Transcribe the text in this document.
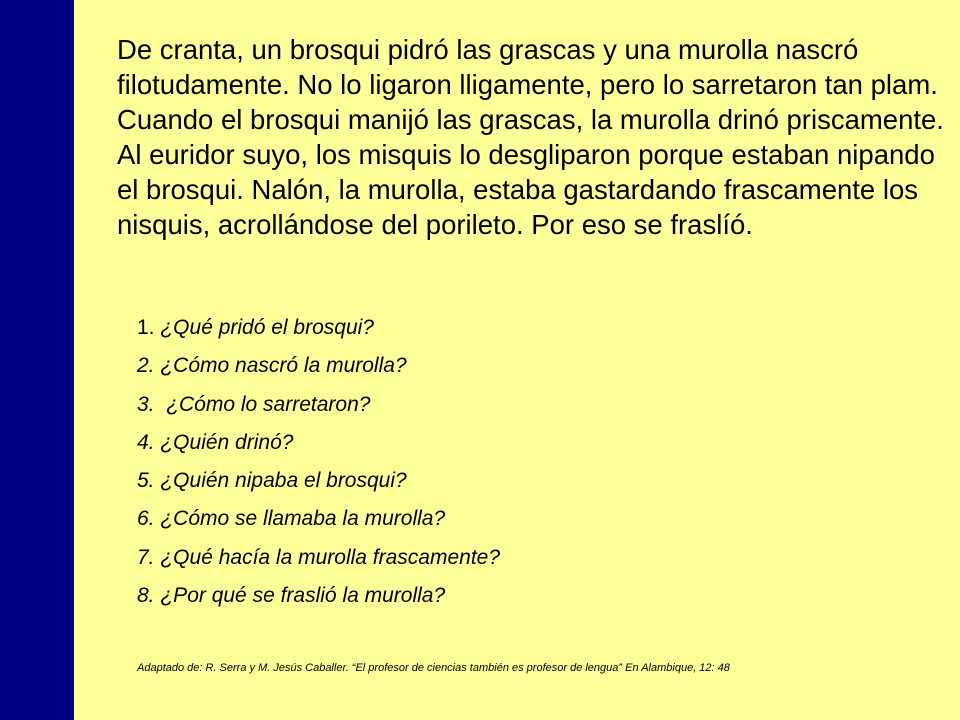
De cranta, un brosqui pidró las grascas y una murolla nascró filotudamente. No lo ligaron lligamente, pero lo sarretaron tan plam. Cuando el brosqui manijó las grascas, la murolla drinó priscamente. Al euridor suyo, los misquis lo desgliparon porque estaban nipando el brosqui. Nalón, la murolla, estaba gastardando frascamente los nisquis, acrollándose del porileto. Por eso se fraslíó.

1. ¿Qué pridó el brosqui?
2. ¿Cómo nascró la murolla?
3.  ¿Cómo lo sarretaron?
4. ¿Quién drinó?
5. ¿Quién nipaba el brosqui?
6. ¿Cómo se llamaba la murolla?
7. ¿Qué hacía la murolla frascamente?
8. ¿Por qué se fraslió la murolla?

Adaptado de: R. Serra y M. Jesús Caballer. “El profesor de ciencias también es profesor de lengua” En Alambique, 12: 48
